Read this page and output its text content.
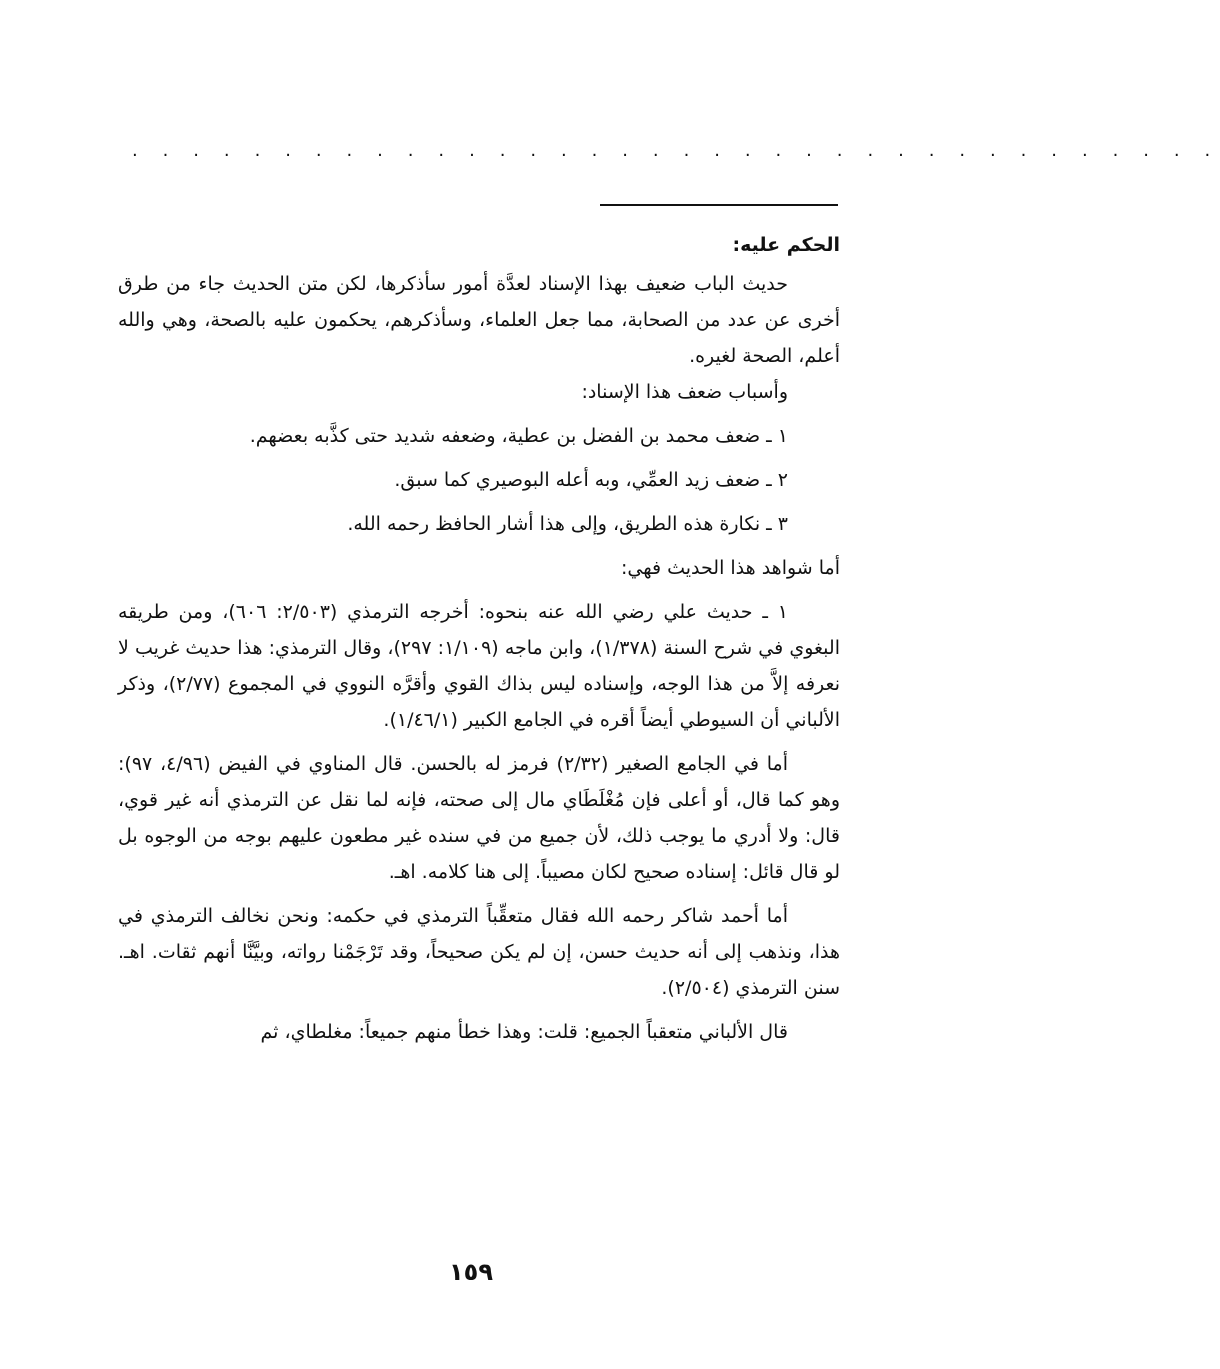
. . . . . . . . . . . . . . . . . . . . . . . . . . . . . . . . . . . .
الحكم عليه:

حديث الباب ضعيف بهذا الإسناد لعدَّة أمور سأذكرها، لكن متن الحديث جاء من طرق أخرى عن عدد من الصحابة، مما جعل العلماء، وسأذكرهم، يحكمون عليه بالصحة، وهي والله أعلم، الصحة لغيره.

وأسباب ضعف هذا الإسناد:

١ ـ ضعف محمد بن الفضل بن عطية، وضعفه شديد حتى كذَّبه بعضهم.

٢ ـ ضعف زيد العمِّي، وبه أعله البوصيري كما سبق.

٣ ـ نكارة هذه الطريق، وإلى هذا أشار الحافظ رحمه الله.

أما شواهد هذا الحديث فهي:

١ ـ حديث علي رضي الله عنه بنحوه: أخرجه الترمذي (٢/٥٠٣: ٦٠٦)، ومن طريقه البغوي في شرح السنة (١/٣٧٨)، وابن ماجه (١/١٠٩: ٢٩٧)، وقال الترمذي: هذا حديث غريب لا نعرفه إلاَّ من هذا الوجه، وإسناده ليس بذاك القوي وأقرَّه النووي في المجموع (٢/٧٧)، وذكر الألباني أن السيوطي أيضاً أقره في الجامع الكبير (١/٤٦/١).

أما في الجامع الصغير (٢/٣٢) فرمز له بالحسن. قال المناوي في الفيض (٤/٩٦، ٩٧): وهو كما قال، أو أعلى فإن مُغْلَطَاي مال إلى صحته، فإنه لما نقل عن الترمذي أنه غير قوي، قال: ولا أدري ما يوجب ذلك، لأن جميع من في سنده غير مطعون عليهم بوجه من الوجوه بل لو قال قائل: إسناده صحيح لكان مصيباً. إلى هنا كلامه. اهـ.

أما أحمد شاكر رحمه الله فقال متعقِّباً الترمذي في حكمه: ونحن نخالف الترمذي في هذا، ونذهب إلى أنه حديث حسن، إن لم يكن صحيحاً، وقد تَرْجَمْنا رواته، وبيَّنَّا أنهم ثقات. اهـ. سنن الترمذي (٢/٥٠٤).

قال الألباني متعقباً الجميع: قلت: وهذا خطأ منهم جميعاً: مغلطاي، ثم

١٥٩
